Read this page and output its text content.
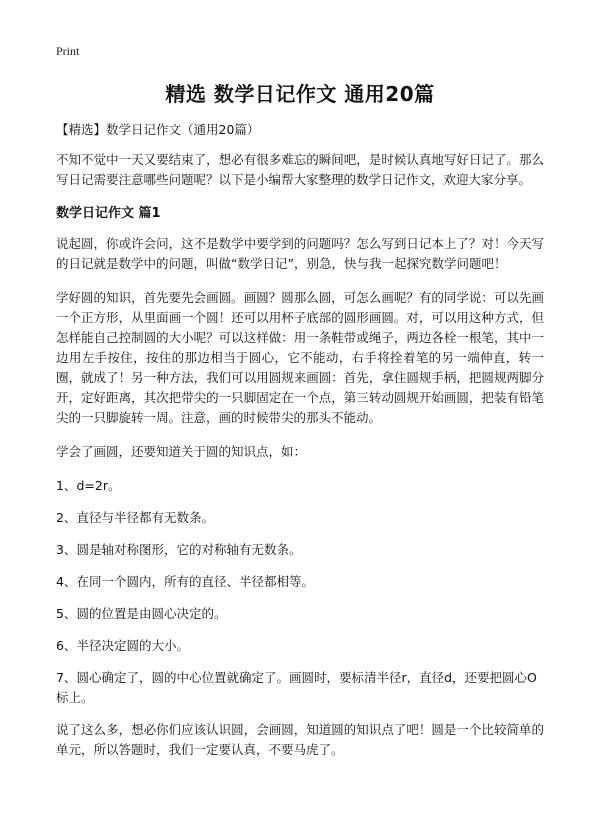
Print
精选 数学日记作文 通用20篇

【精选】数学日记作文（通用20篇）

不知不觉中一天又要结束了，想必有很多难忘的瞬间吧，是时候认真地写好日记了。那么写日记需要注意哪些问题呢？以下是小编帮大家整理的数学日记作文，欢迎大家分享。

数学日记作文 篇1

说起圆，你或许会问，这不是数学中要学到的问题吗？怎么写到日记本上了？对！今天写的日记就是数学中的问题，叫做“数学日记”，别急，快与我一起探究数学问题吧！

学好圆的知识，首先要先会画圆。画圆？圆那么圆，可怎么画呢？有的同学说：可以先画一个正方形，从里面画一个圆！还可以用杯子底部的圆形画圆。对，可以用这种方式，但怎样能自己控制圆的大小呢？可以这样做：用一条鞋带或绳子，两边各栓一根笔，其中一边用左手按住，按住的那边相当于圆心，它不能动，右手将拴着笔的另一端伸直，转一圈，就成了！另一种方法，我们可以用圆规来画圆：首先，拿住圆规手柄，把圆规两脚分开，定好距离，其次把带尖的一只脚固定在一个点，第三转动圆规开始画圆，把装有铅笔尖的一只脚旋转一周。注意，画的时候带尖的那头不能动。

学会了画圆，还要知道关于圆的知识点，如：

1、d=2r。
2、直径与半径都有无数条。
3、圆是轴对称图形，它的对称轴有无数条。
4、在同一个圆内，所有的直径、半径都相等。
5、圆的位置是由圆心决定的。
6、半径决定圆的大小。
7、圆心确定了，圆的中心位置就确定了。画圆时，要标清半径r，直径d，还要把圆心O标上。

说了这么多，想必你们应该认识圆，会画圆，知道圆的知识点了吧！圆是一个比较简单的单元，所以答题时，我们一定要认真，不要马虎了。
